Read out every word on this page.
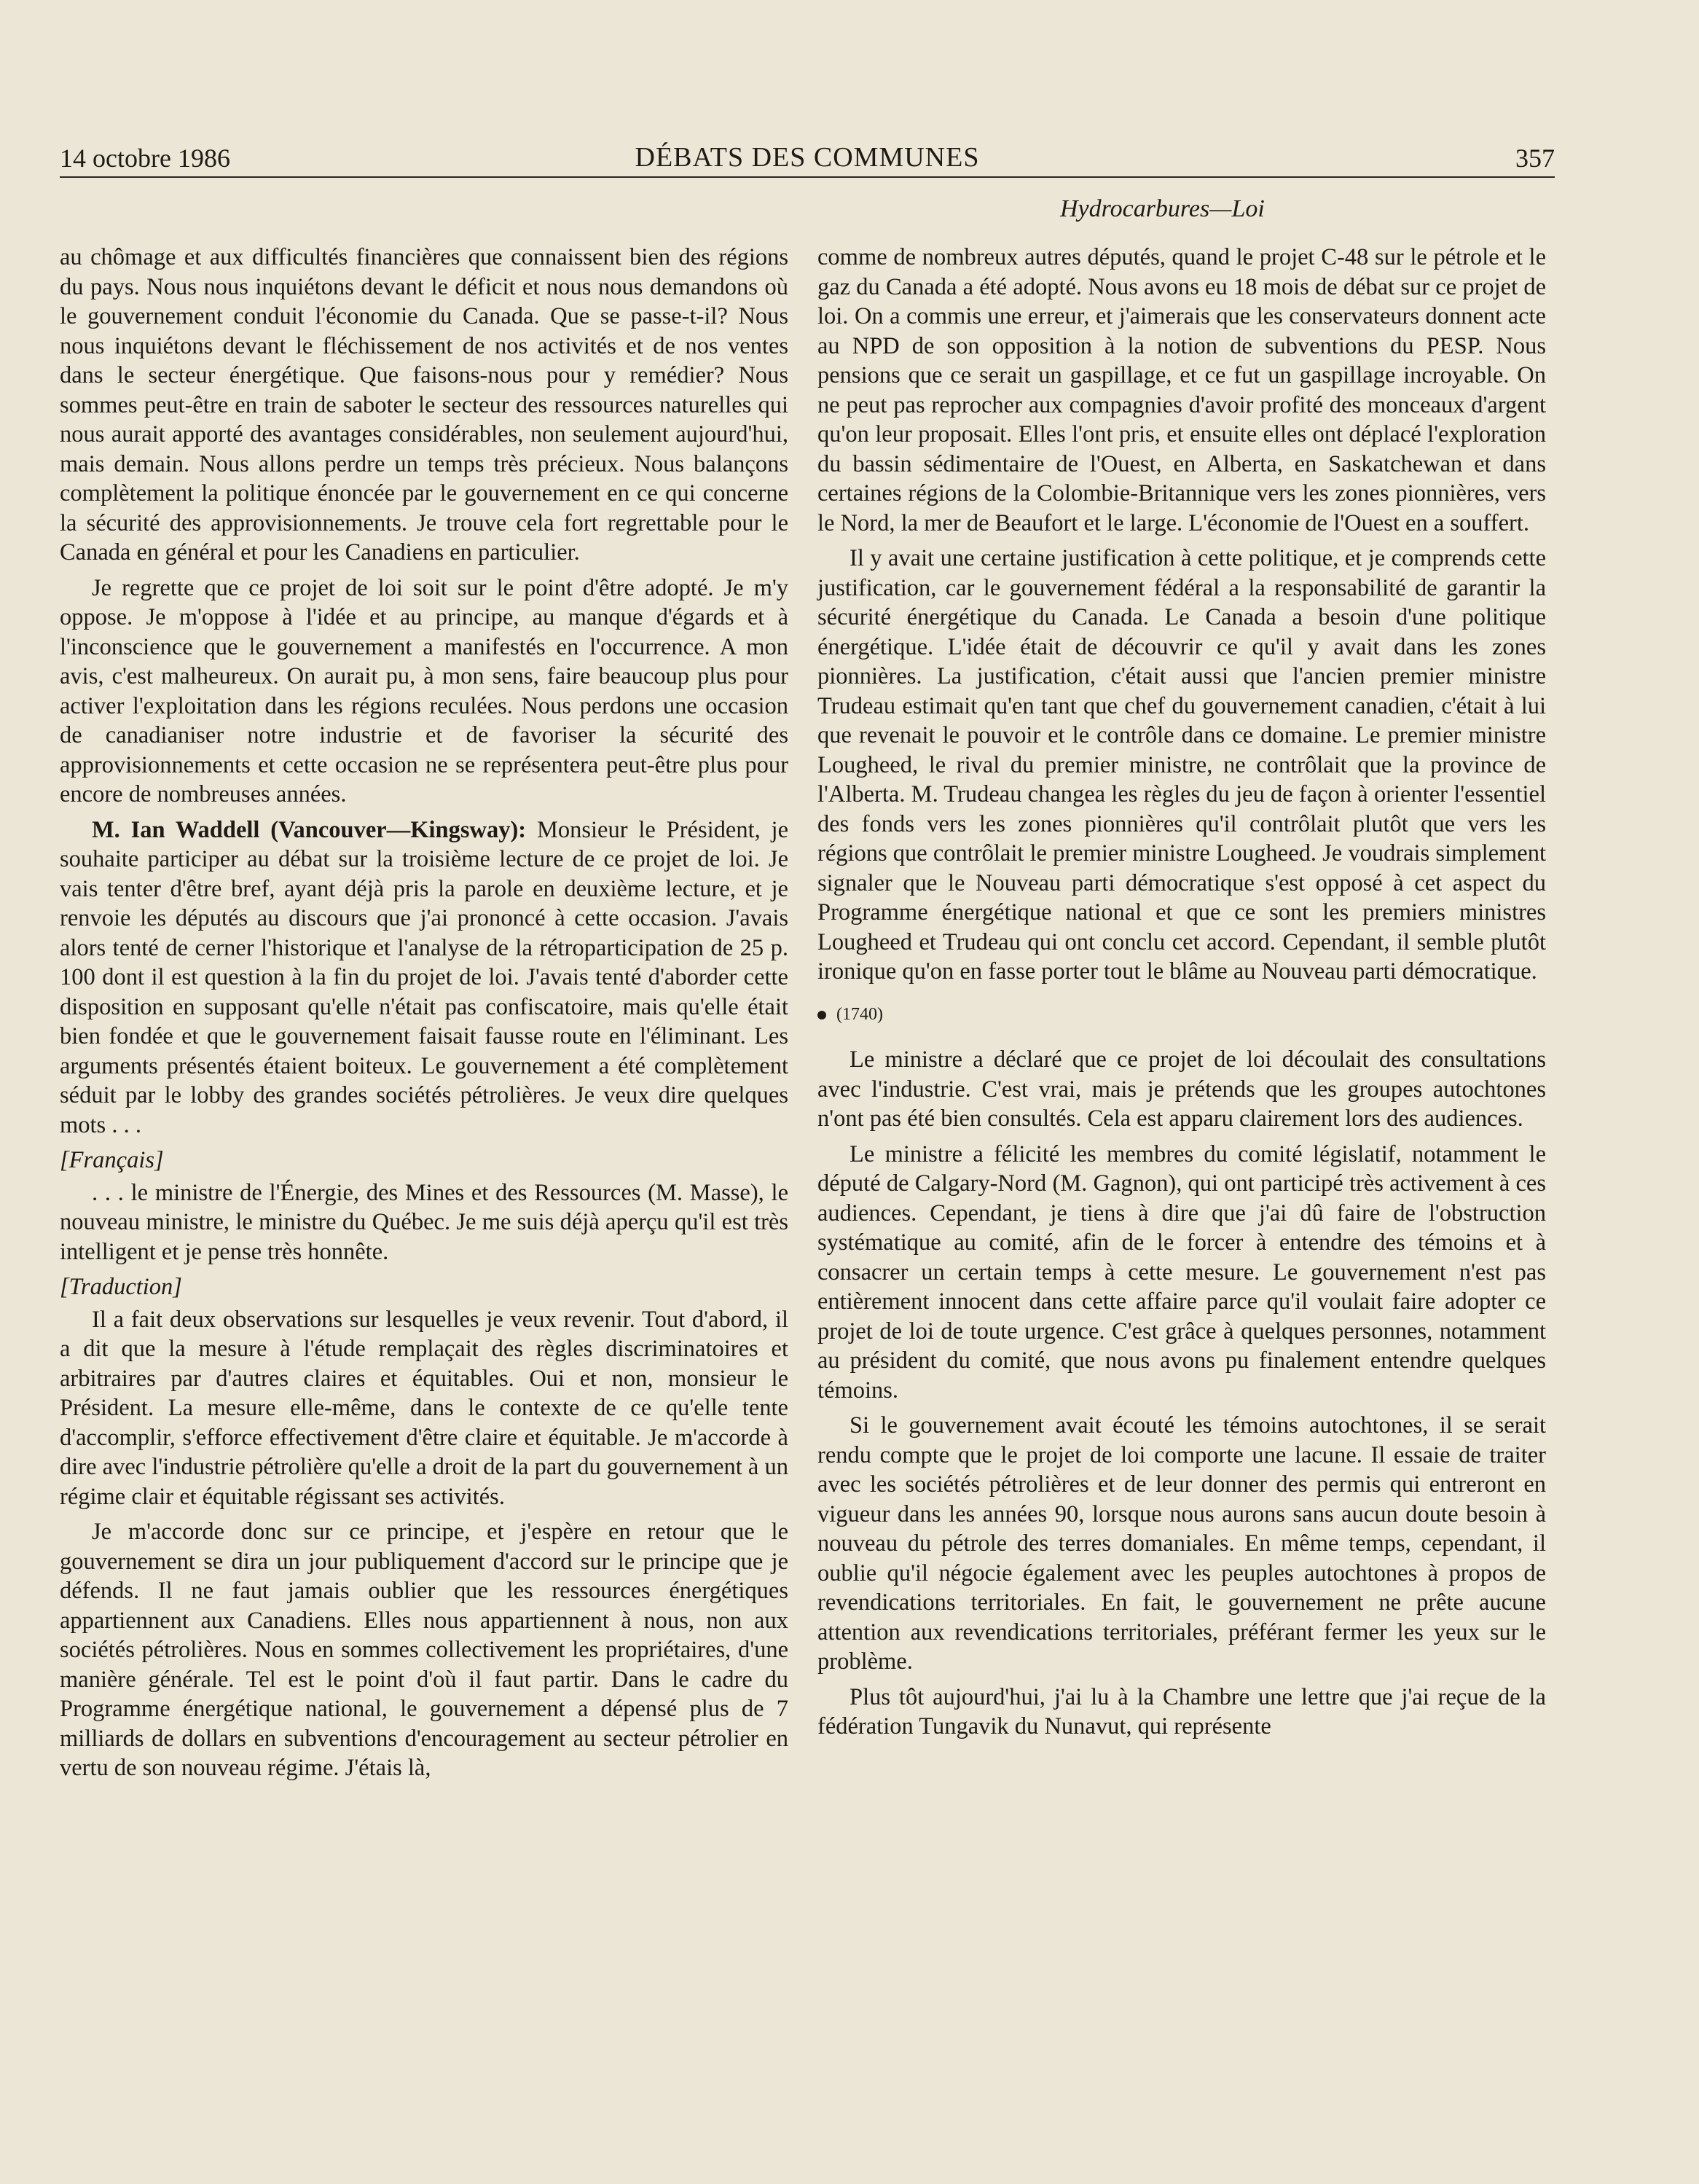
14 octobre 1986	DÉBATS DES COMMUNES	357
Hydrocarbures—Loi

au chômage et aux difficultés financières que connaissent bien des régions du pays. Nous nous inquiétons devant le déficit et nous nous demandons où le gouvernement conduit l'économie du Canada. Que se passe-t-il? Nous nous inquiétons devant le fléchissement de nos activités et de nos ventes dans le secteur énergétique. Que faisons-nous pour y remédier? Nous sommes peut-être en train de saboter le secteur des ressources naturelles qui nous aurait apporté des avantages considérables, non seulement aujourd'hui, mais demain. Nous allons perdre un temps très précieux. Nous balançons complètement la politique énoncée par le gouvernement en ce qui concerne la sécurité des approvisionnements. Je trouve cela fort regrettable pour le Canada en général et pour les Canadiens en particulier.

Je regrette que ce projet de loi soit sur le point d'être adopté. Je m'y oppose. Je m'oppose à l'idée et au principe, au manque d'égards et à l'inconscience que le gouvernement a manifestés en l'occurrence. A mon avis, c'est malheureux. On aurait pu, à mon sens, faire beaucoup plus pour activer l'exploitation dans les régions reculées. Nous perdons une occasion de canadianiser notre industrie et de favoriser la sécurité des approvisionnements et cette occasion ne se représentera peut-être plus pour encore de nombreuses années.

M. Ian Waddell (Vancouver—Kingsway): Monsieur le Président, je souhaite participer au débat sur la troisième lecture de ce projet de loi. Je vais tenter d'être bref, ayant déjà pris la parole en deuxième lecture, et je renvoie les députés au discours que j'ai prononcé à cette occasion. J'avais alors tenté de cerner l'historique et l'analyse de la rétroparticipation de 25 p. 100 dont il est question à la fin du projet de loi. J'avais tenté d'aborder cette disposition en supposant qu'elle n'était pas confiscatoire, mais qu'elle était bien fondée et que le gouvernement faisait fausse route en l'éliminant. Les arguments présentés étaient boiteux. Le gouvernement a été complètement séduit par le lobby des grandes sociétés pétrolières. Je veux dire quelques mots . . .

[Français]

. . . le ministre de l'Énergie, des Mines et des Ressources (M. Masse), le nouveau ministre, le ministre du Québec. Je me suis déjà aperçu qu'il est très intelligent et je pense très honnête.

[Traduction]

Il a fait deux observations sur lesquelles je veux revenir. Tout d'abord, il a dit que la mesure à l'étude remplaçait des règles discriminatoires et arbitraires par d'autres claires et équitables. Oui et non, monsieur le Président. La mesure elle-même, dans le contexte de ce qu'elle tente d'accomplir, s'efforce effectivement d'être claire et équitable. Je m'accorde à dire avec l'industrie pétrolière qu'elle a droit de la part du gouvernement à un régime clair et équitable régissant ses activités.

Je m'accorde donc sur ce principe, et j'espère en retour que le gouvernement se dira un jour publiquement d'accord sur le principe que je défends. Il ne faut jamais oublier que les ressources énergétiques appartiennent aux Canadiens. Elles nous appartiennent à nous, non aux sociétés pétrolières. Nous en sommes collectivement les propriétaires, d'une manière générale. Tel est le point d'où il faut partir. Dans le cadre du Programme énergétique national, le gouvernement a dépensé plus de 7 milliards de dollars en subventions d'encouragement au secteur pétrolier en vertu de son nouveau régime. J'étais là,

comme de nombreux autres députés, quand le projet C-48 sur le pétrole et le gaz du Canada a été adopté. Nous avons eu 18 mois de débat sur ce projet de loi. On a commis une erreur, et j'aimerais que les conservateurs donnent acte au NPD de son opposition à la notion de subventions du PESP. Nous pensions que ce serait un gaspillage, et ce fut un gaspillage incroyable. On ne peut pas reprocher aux compagnies d'avoir profité des monceaux d'argent qu'on leur proposait. Elles l'ont pris, et ensuite elles ont déplacé l'exploration du bassin sédimentaire de l'Ouest, en Alberta, en Saskatchewan et dans certaines régions de la Colombie-Britannique vers les zones pionnières, vers le Nord, la mer de Beaufort et le large. L'économie de l'Ouest en a souffert.

Il y avait une certaine justification à cette politique, et je comprends cette justification, car le gouvernement fédéral a la responsabilité de garantir la sécurité énergétique du Canada. Le Canada a besoin d'une politique énergétique. L'idée était de découvrir ce qu'il y avait dans les zones pionnières. La justification, c'était aussi que l'ancien premier ministre Trudeau estimait qu'en tant que chef du gouvernement canadien, c'était à lui que revenait le pouvoir et le contrôle dans ce domaine. Le premier ministre Lougheed, le rival du premier ministre, ne contrôlait que la province de l'Alberta. M. Trudeau changea les règles du jeu de façon à orienter l'essentiel des fonds vers les zones pionnières qu'il contrôlait plutôt que vers les régions que contrôlait le premier ministre Lougheed. Je voudrais simplement signaler que le Nouveau parti démocratique s'est opposé à cet aspect du Programme énergétique national et que ce sont les premiers ministres Lougheed et Trudeau qui ont conclu cet accord. Cependant, il semble plutôt ironique qu'on en fasse porter tout le blâme au Nouveau parti démocratique.

(1740)

Le ministre a déclaré que ce projet de loi découlait des consultations avec l'industrie. C'est vrai, mais je prétends que les groupes autochtones n'ont pas été bien consultés. Cela est apparu clairement lors des audiences.

Le ministre a félicité les membres du comité législatif, notamment le député de Calgary-Nord (M. Gagnon), qui ont participé très activement à ces audiences. Cependant, je tiens à dire que j'ai dû faire de l'obstruction systématique au comité, afin de le forcer à entendre des témoins et à consacrer un certain temps à cette mesure. Le gouvernement n'est pas entièrement innocent dans cette affaire parce qu'il voulait faire adopter ce projet de loi de toute urgence. C'est grâce à quelques personnes, notamment au président du comité, que nous avons pu finalement entendre quelques témoins.

Si le gouvernement avait écouté les témoins autochtones, il se serait rendu compte que le projet de loi comporte une lacune. Il essaie de traiter avec les sociétés pétrolières et de leur donner des permis qui entreront en vigueur dans les années 90, lorsque nous aurons sans aucun doute besoin à nouveau du pétrole des terres domaniales. En même temps, cependant, il oublie qu'il négocie également avec les peuples autochtones à propos de revendications territoriales. En fait, le gouvernement ne prête aucune attention aux revendications territoriales, préférant fermer les yeux sur le problème.

Plus tôt aujourd'hui, j'ai lu à la Chambre une lettre que j'ai reçue de la fédération Tungavik du Nunavut, qui représente
